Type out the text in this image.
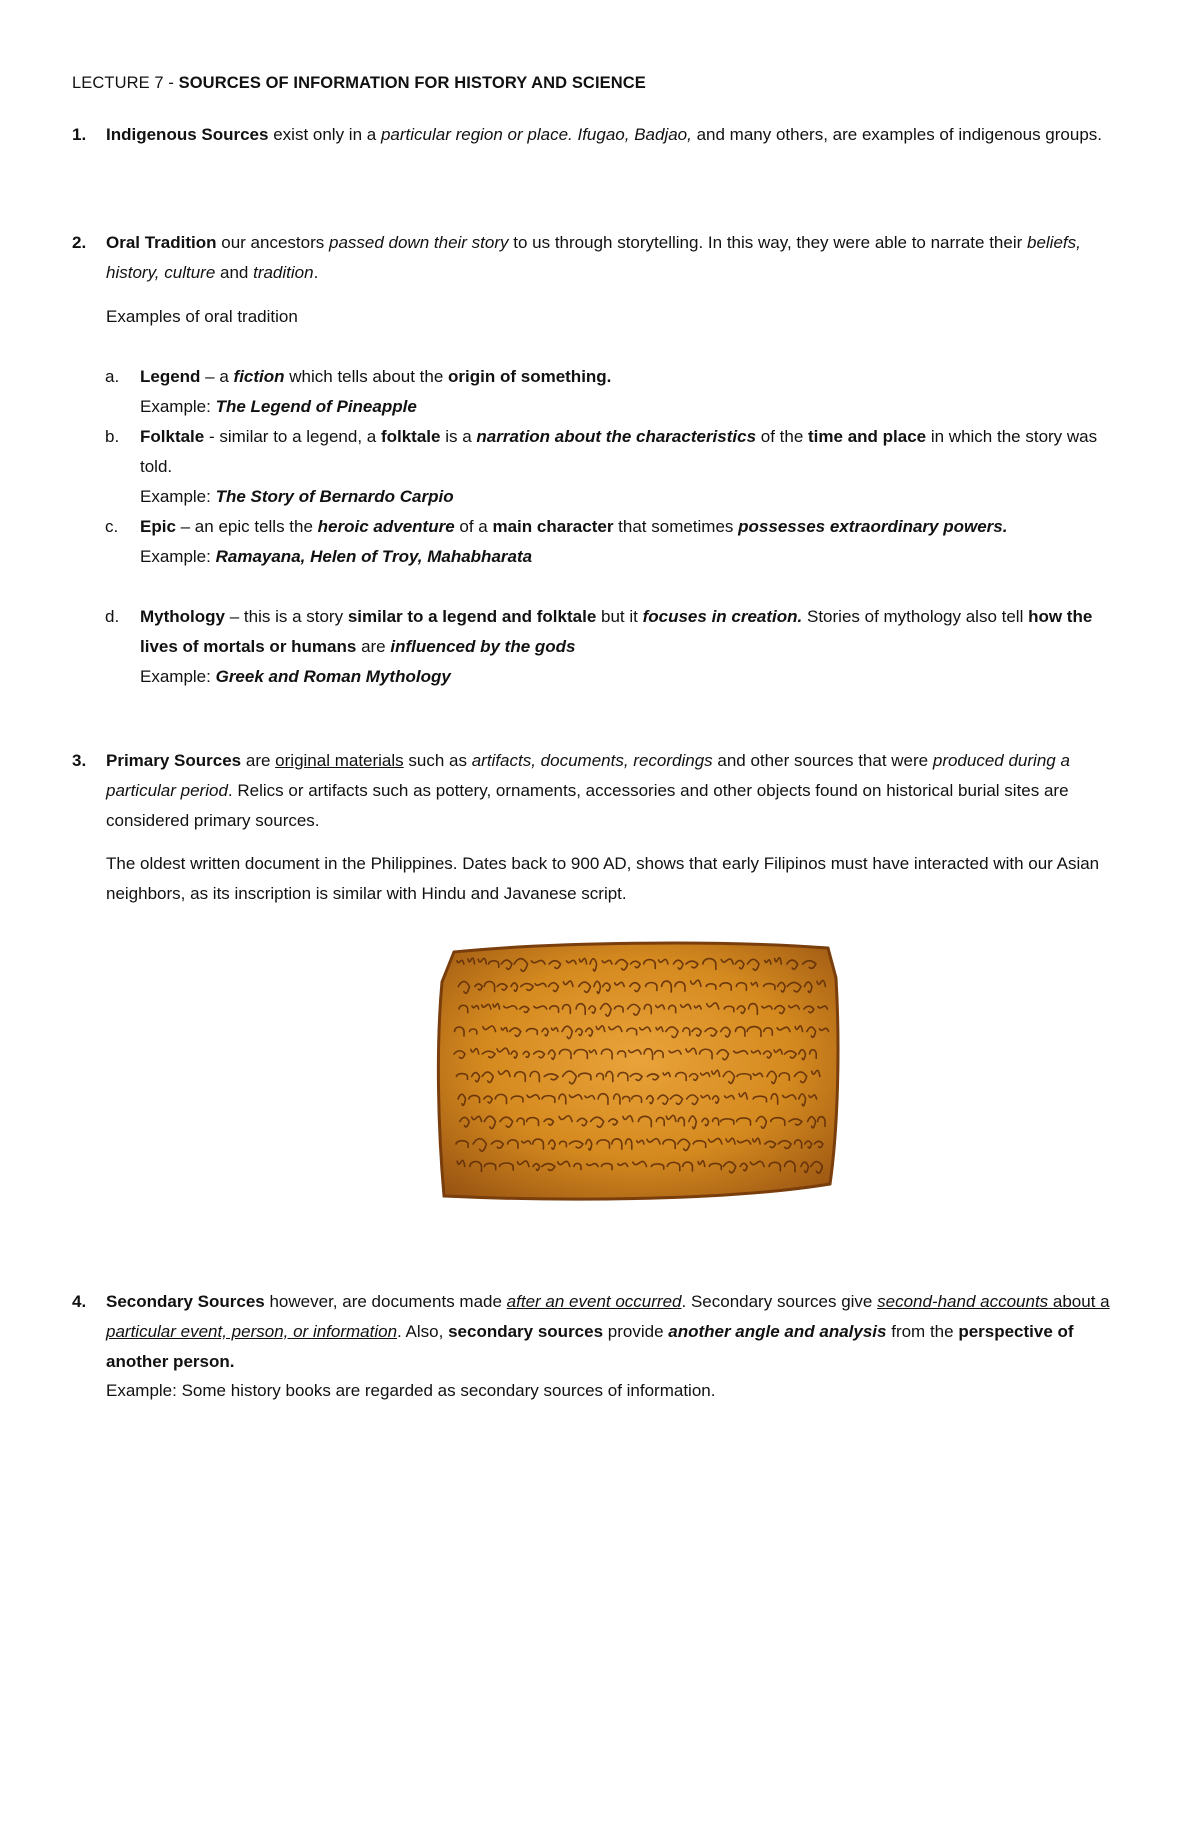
LECTURE 7 - SOURCES OF INFORMATION FOR HISTORY AND SCIENCE
1. Indigenous Sources exist only in a particular region or place. Ifugao, Badjao, and many others, are examples of indigenous groups.

2. Oral Tradition our ancestors passed down their story to us through storytelling. In this way, they were able to narrate their beliefs, history, culture and tradition.

Examples of oral tradition

a. Legend – a fiction which tells about the origin of something.

Example: The Legend of Pineapple

b. Folktale - similar to a legend, a folktale is a narration about the characteristics of the time and place in which the story was told.

Example: The Story of Bernardo Carpio

c. Epic – an epic tells the heroic adventure of a main character that sometimes possesses extraordinary powers.

Example: Ramayana, Helen of Troy, Mahabharata

d. Mythology – this is a story similar to a legend and folktale but it focuses in creation. Stories of mythology also tell how the lives of mortals or humans are influenced by the gods

Example: Greek and Roman Mythology

3. Primary Sources are original materials such as artifacts, documents, recordings and other sources that were produced during a particular period. Relics or artifacts such as pottery, ornaments, accessories and other objects found on historical burial sites are considered primary sources.

The oldest written document in the Philippines. Dates back to 900 AD, shows that early Filipinos must have interacted with our Asian neighbors, as its inscription is similar with Hindu and Javanese script.

4. Secondary Sources however, are documents made after an event occurred. Secondary sources give second-hand accounts about a particular event, person, or information. Also, secondary sources provide another angle and analysis from the perspective of another person.

Example: Some history books are regarded as secondary sources of information.
